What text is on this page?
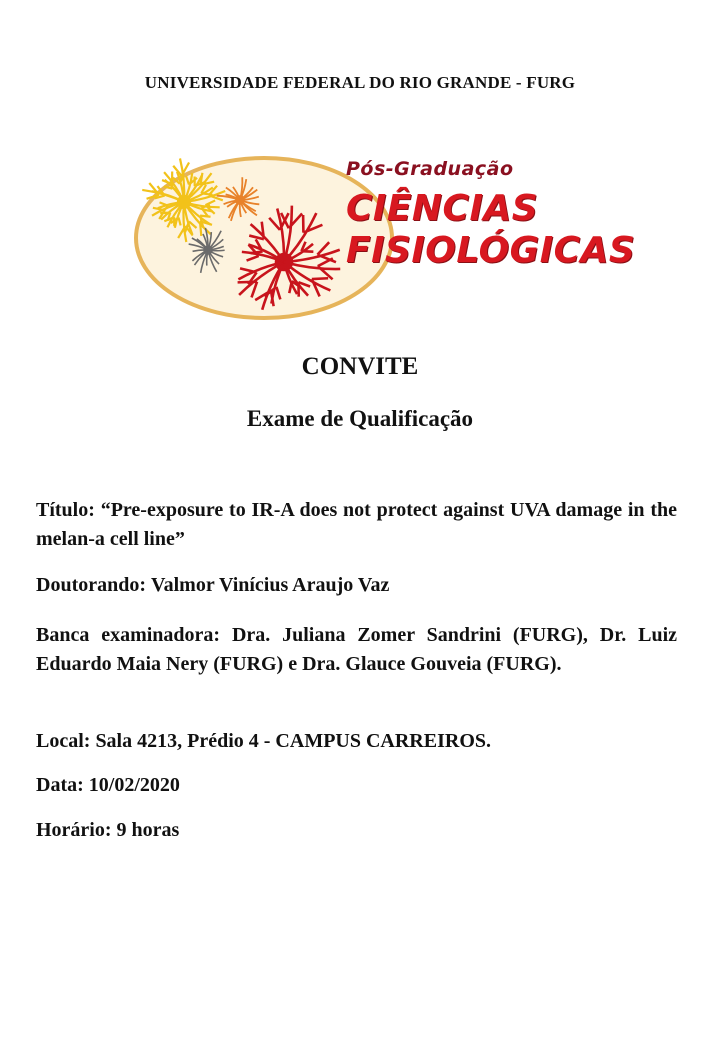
UNIVERSIDADE FEDERAL DO RIO GRANDE - FURG
Pós-Graduação
CIÊNCIAS
FISIOLÓGICAS
CONVITE
Exame de Qualificação
Título: “Pre-exposure to IR-A does not protect against UVA damage in the melan-a cell line”
Doutorando: Valmor Vinícius Araujo Vaz
Banca examinadora: Dra. Juliana Zomer Sandrini (FURG), Dr. Luiz Eduardo Maia Nery (FURG) e Dra. Glauce Gouveia (FURG).
Local: Sala 4213, Prédio 4 - CAMPUS CARREIROS.
Data: 10/02/2020
Horário: 9 horas
